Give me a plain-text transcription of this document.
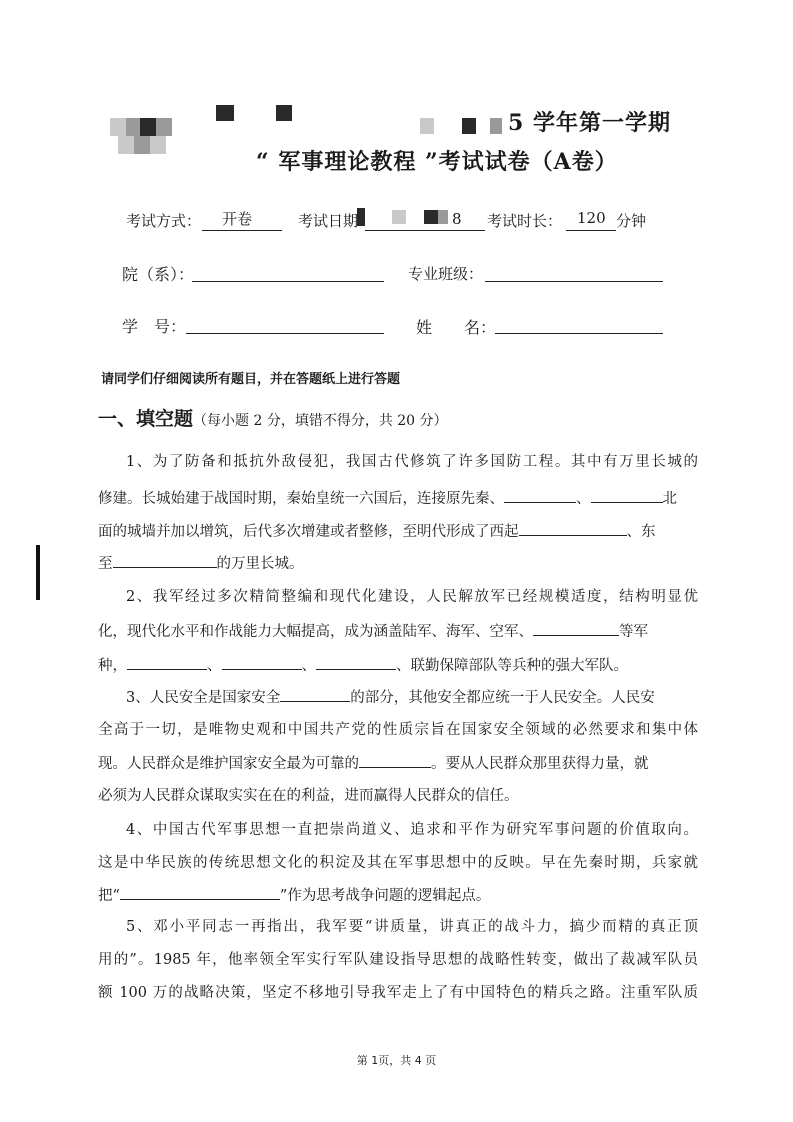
5 学年第一学期
“ 军事理论教程 ”考试试卷（A卷）
考试方式： 开卷	考试日期	8 考试时长： 120 分钟
院（系）：	专业班级：
学　号：	姓　　名：
请同学们仔细阅读所有题目，并在答题纸上进行答题
一、填空题（每小题 2 分，填错不得分，共 20 分）
1、为了防备和抵抗外敌侵犯，我国古代修筑了许多国防工程。其中有万里长城的
修建。长城始建于战国时期，秦始皇统一六国后，连接原先秦、	、	北
面的城墙并加以增筑，后代多次增建或者整修，至明代形成了西起	、东
至	的万里长城。
2、我军经过多次精简整编和现代化建设，人民解放军已经规模适度，结构明显优
化，现代化水平和作战能力大幅提高，成为涵盖陆军、海军、空军、	等军
种，	、	、	、联勤保障部队等兵种的强大军队。
3、人民安全是国家安全	的部分，其他安全都应统一于人民安全。人民安
全高于一切，是唯物史观和中国共产党的性质宗旨在国家安全领域的必然要求和集中体
现。人民群众是维护国家安全最为可靠的	。要从人民群众那里获得力量，就
必须为人民群众谋取实实在在的利益，进而赢得人民群众的信任。
4、中国古代军事思想一直把崇尚道义、追求和平作为研究军事问题的价值取向。
这是中华民族的传统思想文化的积淀及其在军事思想中的反映。早在先秦时期，兵家就
把“	”作为思考战争问题的逻辑起点。
5、邓小平同志一再指出，我军要“讲质量，讲真正的战斗力，搞少而精的真正顶
用的”。1985 年，他率领全军实行军队建设指导思想的战略性转变，做出了裁减军队员
额 100 万的战略决策，坚定不移地引导我军走上了有中国特色的精兵之路。注重军队质
第 1页，共 4 页
